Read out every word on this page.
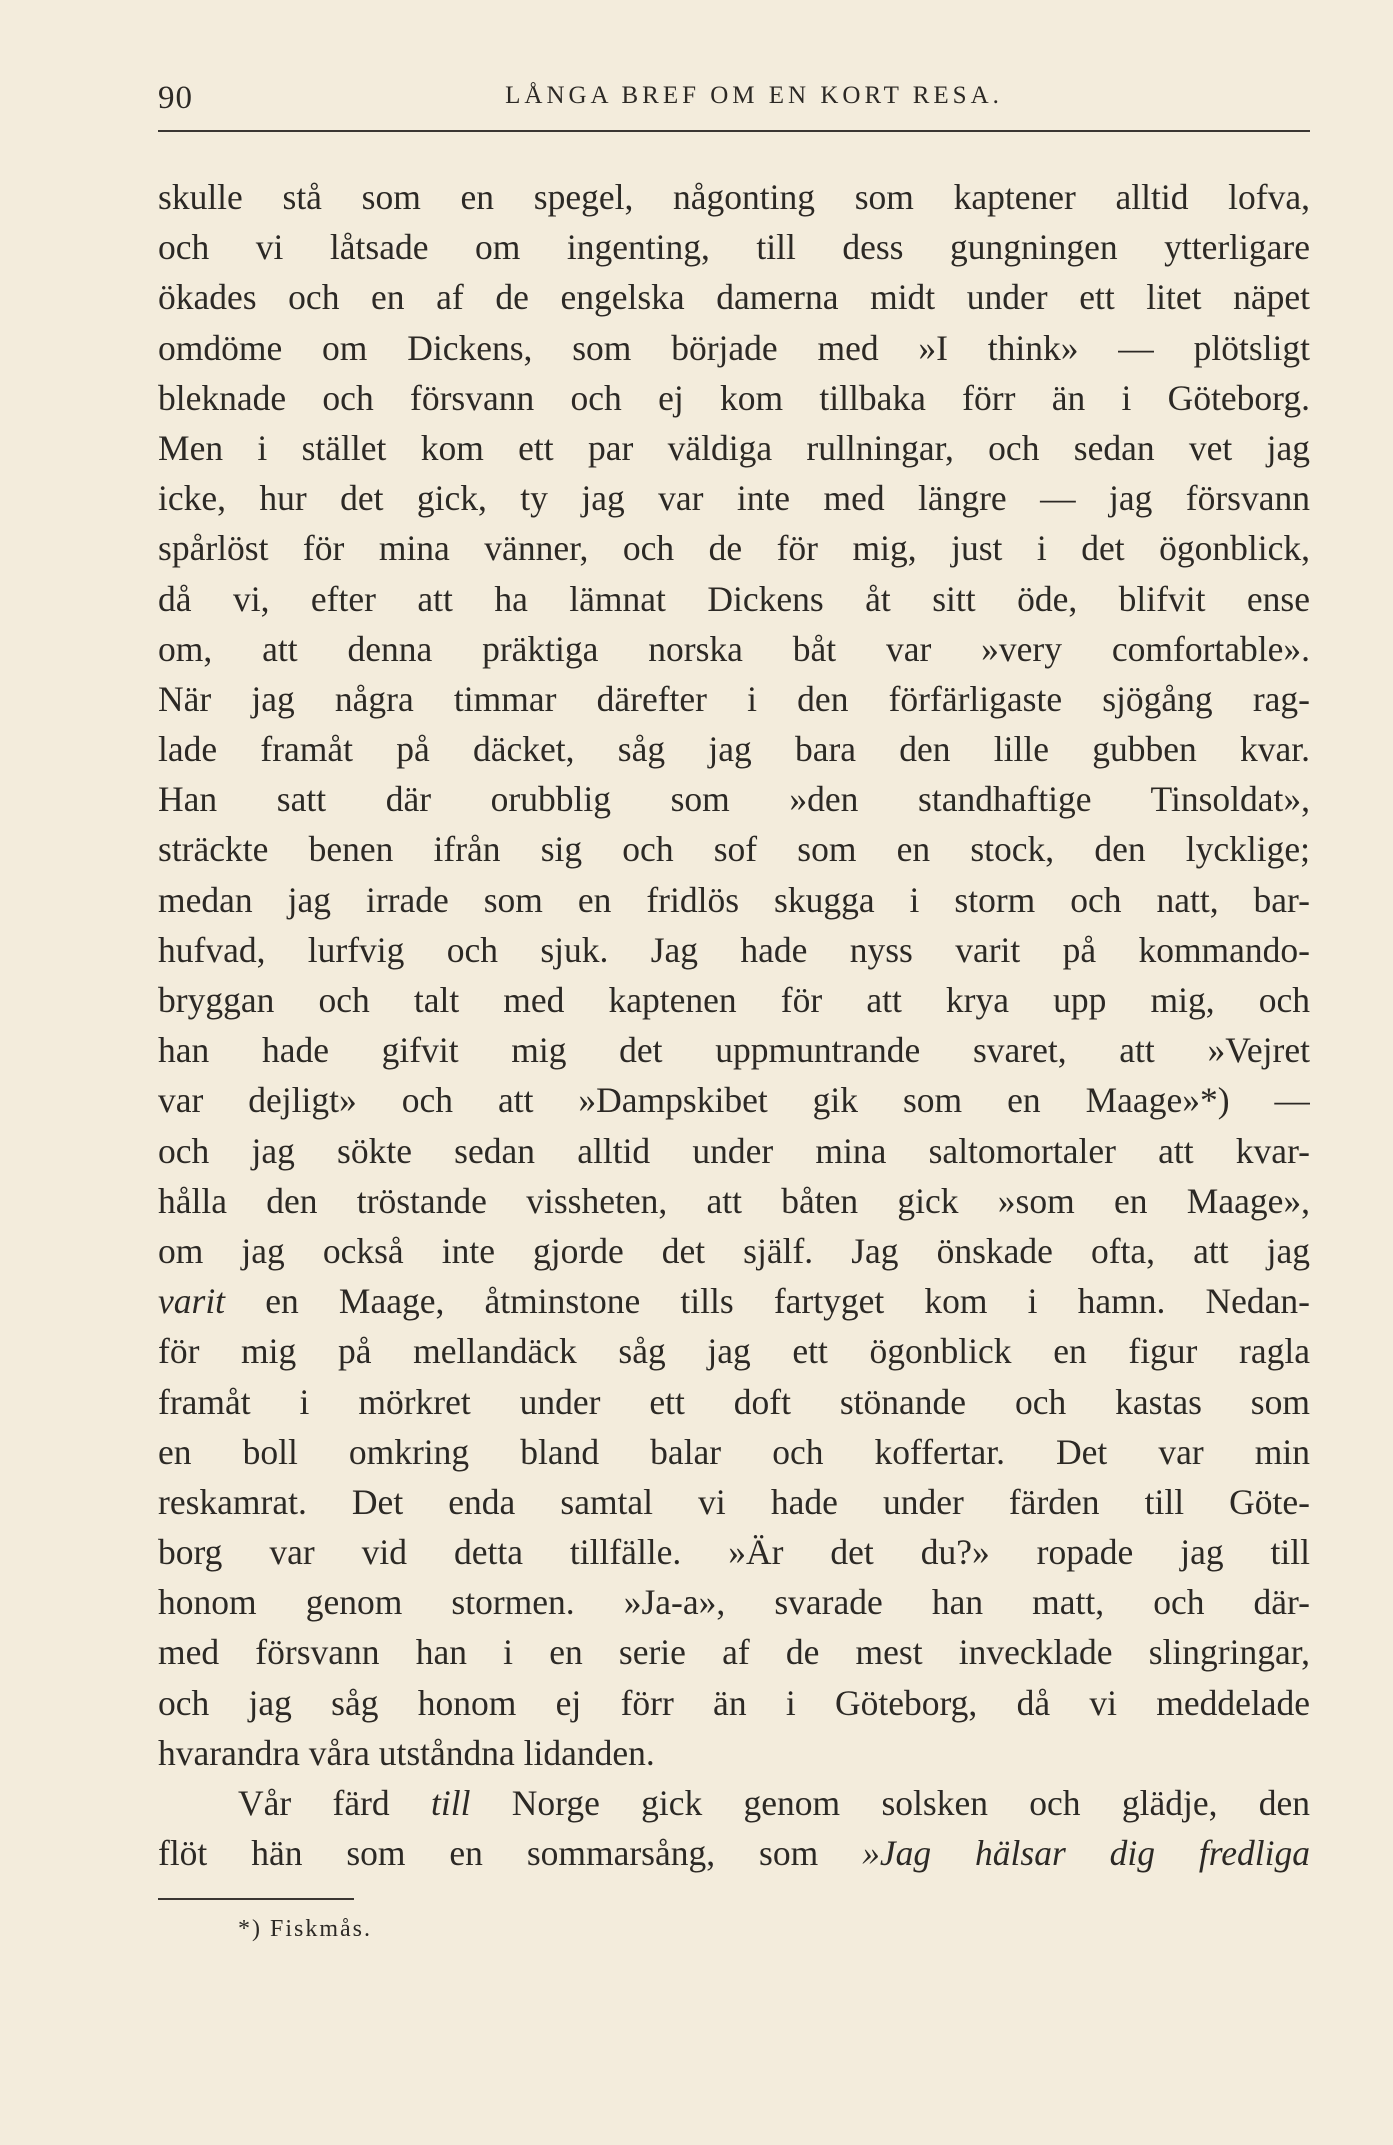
90	LÅNGA BREF OM EN KORT RESA.
skulle stå som en spegel, någonting som kaptener alltid lofva,
och vi låtsade om ingenting, till dess gungningen ytterligare
ökades och en af de engelska damerna midt under ett litet näpet
omdöme om Dickens, som började med »I think» — plötsligt
bleknade och försvann och ej kom tillbaka förr än i Göteborg.
Men i stället kom ett par väldiga rullningar, och sedan vet jag
icke, hur det gick, ty jag var inte med längre — jag försvann
spårlöst för mina vänner, och de för mig, just i det ögonblick,
då vi, efter att ha lämnat Dickens åt sitt öde, blifvit ense
om, att denna präktiga norska båt var »very comfortable».
När jag några timmar därefter i den förfärligaste sjögång rag-
lade framåt på däcket, såg jag bara den lille gubben kvar.
Han satt där orubblig som »den standhaftige Tinsoldat»,
sträckte benen ifrån sig och sof som en stock, den lycklige;
medan jag irrade som en fridlös skugga i storm och natt, bar-
hufvad, lurfvig och sjuk. Jag hade nyss varit på kommando-
bryggan och talt med kaptenen för att krya upp mig, och
han hade gifvit mig det uppmuntrande svaret, att »Vejret
var dejligt» och att »Dampskibet gik som en Maage»*) —
och jag sökte sedan alltid under mina saltomortaler att kvar-
hålla den tröstande vissheten, att båten gick »som en Maage»,
om jag också inte gjorde det själf. Jag önskade ofta, att jag
varit en Maage, åtminstone tills fartyget kom i hamn. Nedan-
för mig på mellandäck såg jag ett ögonblick en figur ragla
framåt i mörkret under ett doft stönande och kastas som
en boll omkring bland balar och koffertar. Det var min
reskamrat. Det enda samtal vi hade under färden till Göte-
borg var vid detta tillfälle. »Är det du?» ropade jag till
honom genom stormen. »Ja-a», svarade han matt, och där-
med försvann han i en serie af de mest invecklade slingringar,
och jag såg honom ej förr än i Göteborg, då vi meddelade
hvarandra våra utståndna lidanden.
Vår färd till Norge gick genom solsken och glädje, den
flöt hän som en sommarsång, som »Jag hälsar dig fredliga
*) Fiskmås.
